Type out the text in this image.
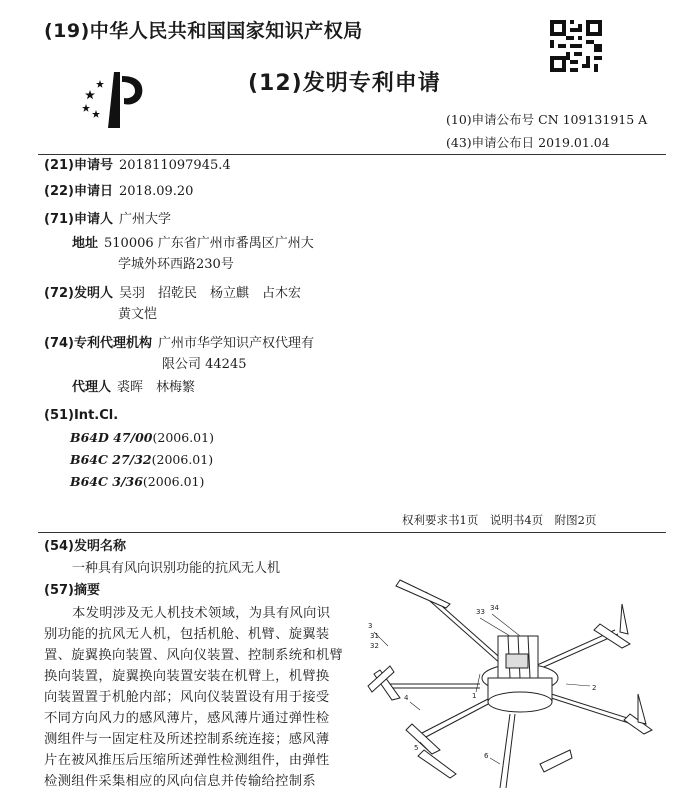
(19)中华人民共和国国家知识产权局
(12)发明专利申请
(10)申请公布号 CN 109131915 A
(43)申请公布日 2019.01.04
(21)申请号 201811097945.4
(22)申请日 2018.09.20
(71)申请人 广州大学
地址 510006 广东省广州市番禺区广州大
学城外环西路230号
(72)发明人 吴羽　招乾民　杨立麒　占木宏
黄文恺
(74)专利代理机构 广州市华学知识产权代理有
限公司 44245
代理人 裘晖　林梅繁
(51)Int.Cl.
B64D 47/00(2006.01)
B64C 27/32(2006.01)
B64C 3/36(2006.01)
权利要求书1页　说明书4页　附图2页
(54)发明名称
一种具有风向识别功能的抗风无人机
(57)摘要
本发明涉及无人机技术领域，为具有风向识
别功能的抗风无人机，包括机舱、机臂、旋翼装
置、旋翼换向装置、风向仪装置、控制系统和机臂
换向装置，旋翼换向装置安装在机臂上，机臂换
向装置置于机舱内部；风向仪装置设有用于接受
不同方向风力的感风薄片，感风薄片通过弹性检
测组件与一固定柱及所述控制系统连接；感风薄
片在被风推压后压缩所述弹性检测组件，由弹性
检测组件采集相应的风向信息并传输给控制系
3
31
32
33 34
1
2
4
5
6
